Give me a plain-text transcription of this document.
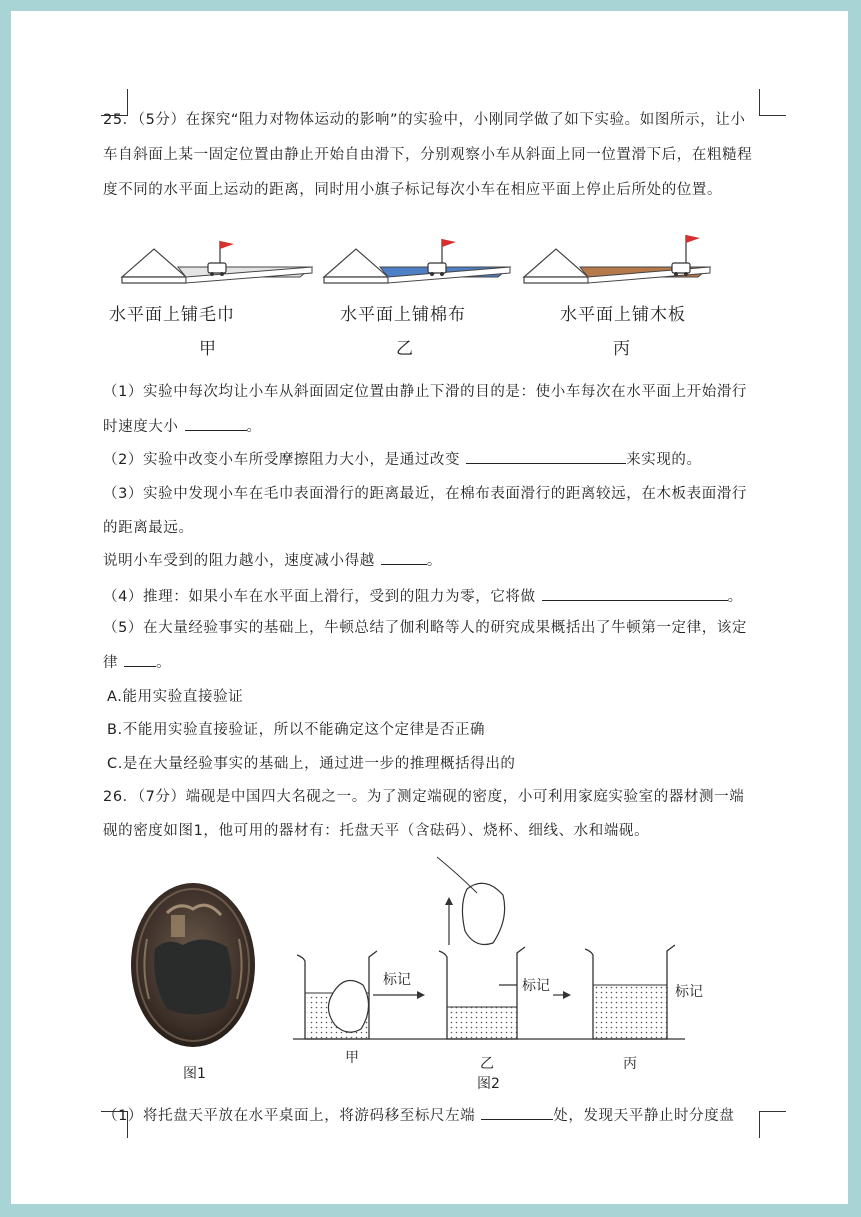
25．（5分）在探究“阻力对物体运动的影响”的实验中，小刚同学做了如下实验。如图所示，让小
车自斜面上某一固定位置由静止开始自由滑下，分别观察小车从斜面上同一位置滑下后，在粗糙程
度不同的水平面上运动的距离，同时用小旗子标记每次小车在相应平面上停止后所处的位置。
水平面上铺毛巾
甲
水平面上铺棉布
乙
水平面上铺木板
丙
（1）实验中每次均让小车从斜面固定位置由静止下滑的目的是：使小车每次在水平面上开始滑行
时速度大小	。
（2）实验中改变小车所受摩擦阻力大小，是通过改变	来实现的。
（3）实验中发现小车在毛巾表面滑行的距离最近，在棉布表面滑行的距离较远，在木板表面滑行
的距离最远。
说明小车受到的阻力越小，速度减小得越	。
（4）推理：如果小车在水平面上滑行，受到的阻力为零，它将做	。
（5）在大量经验事实的基础上，牛顿总结了伽利略等人的研究成果概括出了牛顿第一定律，该定
律	。
A.能用实验直接验证
B.不能用实验直接验证，所以不能确定这个定律是否正确
C.是在大量经验事实的基础上，通过进一步的推理概括得出的
26．（7分）端砚是中国四大名砚之一。为了测定端砚的密度，小可利用家庭实验室的器材测一端
砚的密度如图1，他可用的器材有：托盘天平（含砝码）、烧杯、细线、水和端砚。
图1
标记	标记	标记
甲	乙	丙
图2
（1）将托盘天平放在水平桌面上，将游码移至标尺左端	处，发现天平静止时分度盘
